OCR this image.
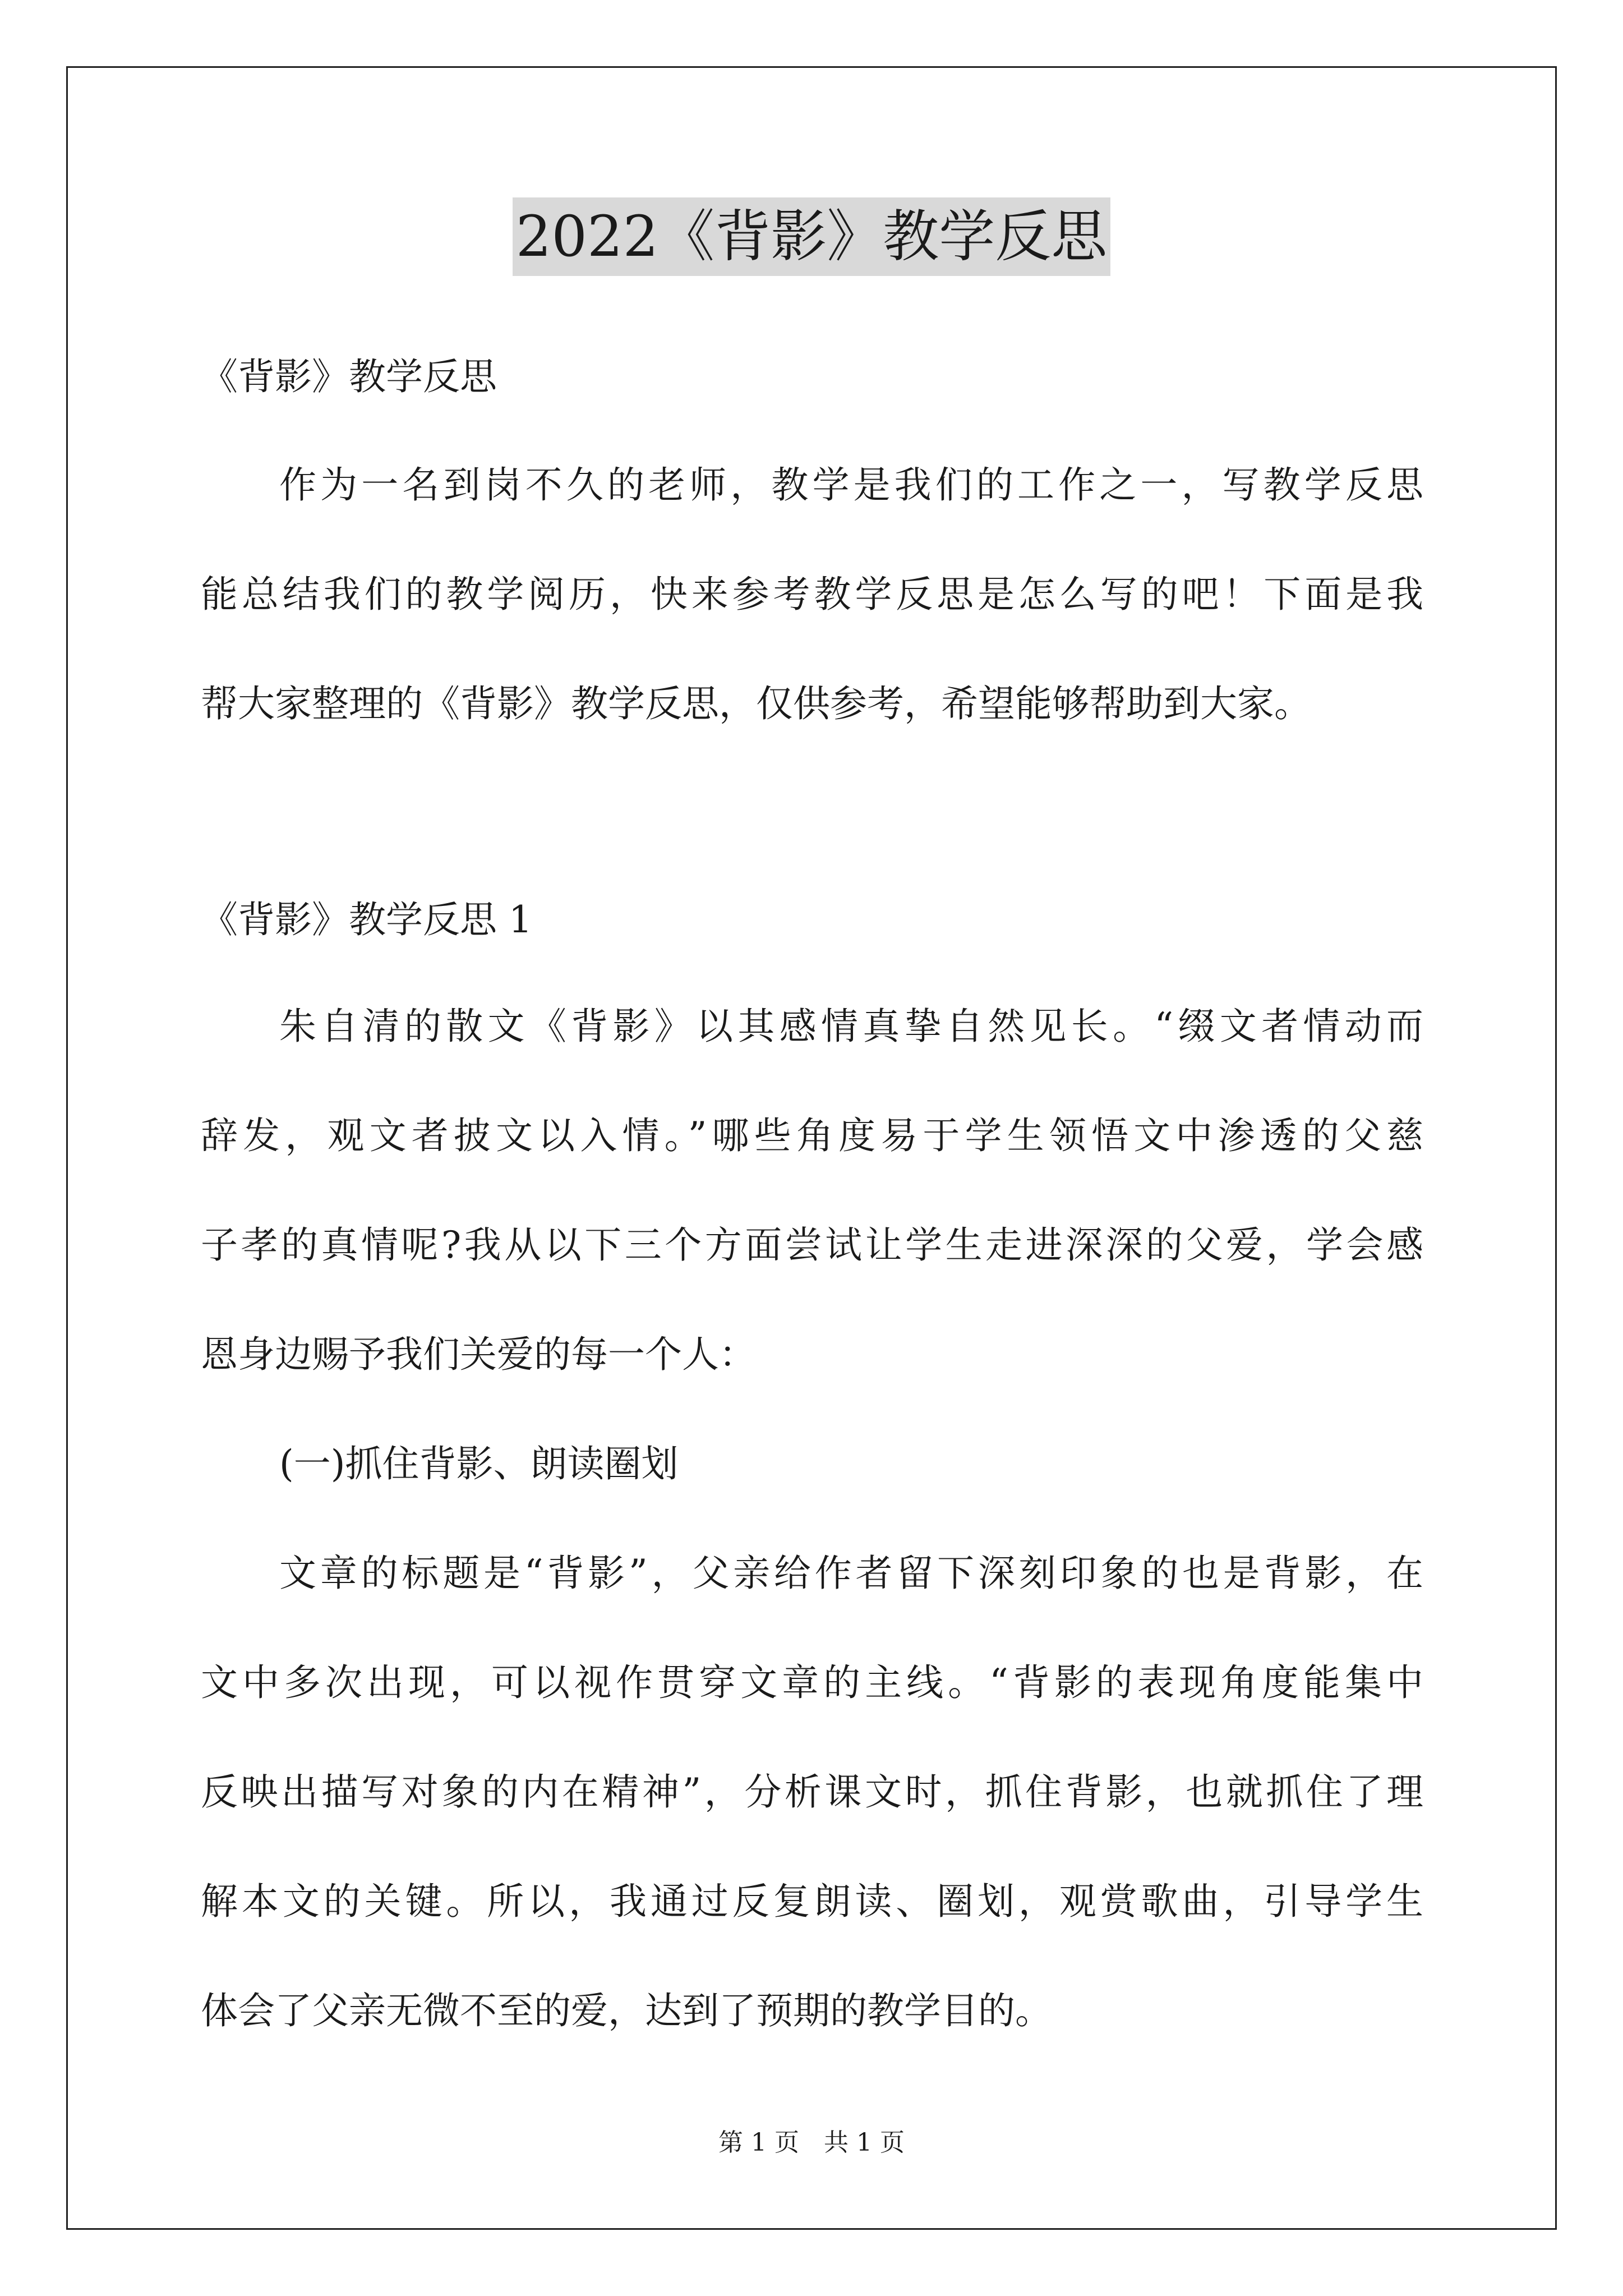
2022《背影》教学反思
《背影》教学反思
作为一名到岗不久的老师，教学是我们的工作之一，写教学反思
能总结我们的教学阅历，快来参考教学反思是怎么写的吧！下面是我
帮大家整理的《背影》教学反思，仅供参考，希望能够帮助到大家。
《背影》教学反思 1
朱自清的散文《背影》以其感情真挚自然见长。“缀文者情动而
辞发，观文者披文以入情。”哪些角度易于学生领悟文中渗透的父慈
子孝的真情呢?我从以下三个方面尝试让学生走进深深的父爱，学会感
恩身边赐予我们关爱的每一个人：
(一)抓住背影、朗读圈划
文章的标题是“背影”，父亲给作者留下深刻印象的也是背影，在
文中多次出现，可以视作贯穿文章的主线。“背影的表现角度能集中
反映出描写对象的内在精神”，分析课文时，抓住背影，也就抓住了理
解本文的关键。所以，我通过反复朗读、圈划，观赏歌曲，引导学生
体会了父亲无微不至的爱，达到了预期的教学目的。
第 1 页　共 1 页
